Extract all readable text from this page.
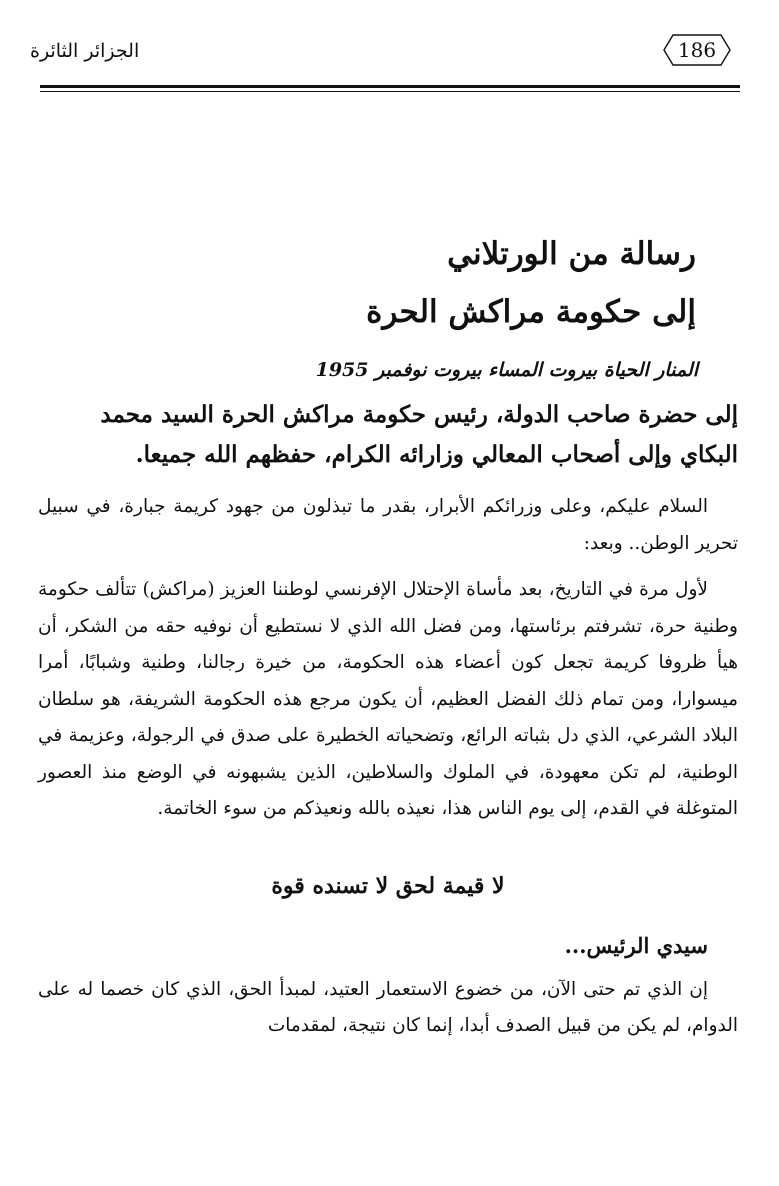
الجزائر الثائرة	186
رسالة من الورتلاني
إلى حكومة مراكش الحرة
المنار الحياة بيروت المساء بيروت نوفمبر 1955
إلى حضرة صاحب الدولة، رئيس حكومة مراكش الحرة السيد محمد البكاي وإلى أصحاب المعالي وزارائه الكرام، حفظهم الله جميعا.
السلام عليكم، وعلى وزرائكم الأبرار، بقدر ما تبذلون من جهود كريمة جبارة، في سبيل تحرير الوطن.. وبعد:
لأول مرة في التاريخ، بعد مأساة الإحتلال الإفرنسي لوطننا العزيز (مراكش) تتألف حكومة وطنية حرة، تشرفتم برئاستها، ومن فضل الله الذي لا نستطيع أن نوفيه حقه من الشكر، أن هيأ ظروفا كريمة تجعل كون أعضاء هذه الحكومة، من خيرة رجالنا، وطنية وشبابًا، أمرا ميسوارا، ومن تمام ذلك الفضل العظيم، أن يكون مرجع هذه الحكومة الشريفة، هو سلطان البلاد الشرعي، الذي دل بثباته الرائع، وتضحياته الخطيرة على صدق في الرجولة، وعزيمة في الوطنية، لم تكن معهودة، في الملوك والسلاطين، الذين يشبهونه في الوضع منذ العصور المتوغلة في القدم، إلى يوم الناس هذا، نعيذه بالله ونعيذكم من سوء الخاتمة.
لا قيمة لحق لا تسنده قوة
سيدي الرئيس...
إن الذي تم حتى الآن، من خضوع الاستعمار العتيد، لمبدأ الحق، الذي كان خصما له على الدوام، لم يكن من قبيل الصدف أبدا، إنما كان نتيجة، لمقدمات
